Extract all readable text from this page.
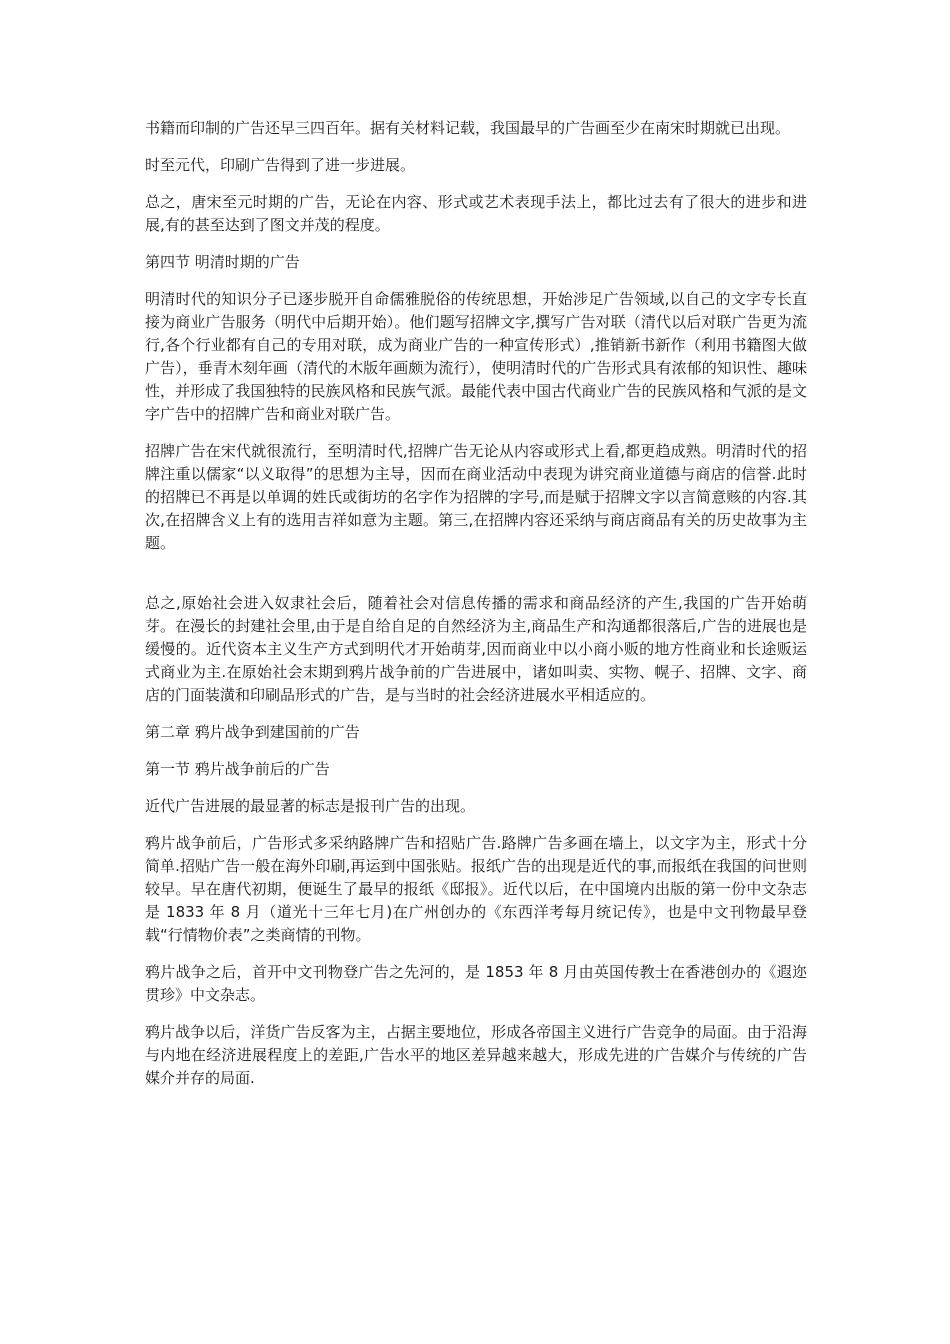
书籍而印制的广告还早三四百年。据有关材料记载，我国最早的广告画至少在南宋时期就已出现。

时至元代，印刷广告得到了进一步进展。

总之，唐宋至元时期的广告，无论在内容、形式或艺术表现手法上，都比过去有了很大的进步和进展,有的甚至达到了图文并茂的程度。

第四节 明清时期的广告

明清时代的知识分子已逐步脱开自命儒雅脱俗的传统思想，开始涉足广告领域,以自己的文字专长直接为商业广告服务（明代中后期开始）。他们题写招牌文字,撰写广告对联（清代以后对联广告更为流行,各个行业都有自己的专用对联，成为商业广告的一种宣传形式）,推销新书新作（利用书籍图大做广告），垂青木刻年画（清代的木版年画颇为流行），使明清时代的广告形式具有浓郁的知识性、趣味性，并形成了我国独特的民族风格和民族气派。最能代表中国古代商业广告的民族风格和气派的是文字广告中的招牌广告和商业对联广告。

招牌广告在宋代就很流行，至明清时代,招牌广告无论从内容或形式上看,都更趋成熟。明清时代的招牌注重以儒家“以义取得”的思想为主导，因而在商业活动中表现为讲究商业道德与商店的信誉.此时的招牌已不再是以单调的姓氏或街坊的名字作为招牌的字号,而是赋于招牌文字以言简意赅的内容.其次,在招牌含义上有的选用吉祥如意为主题。第三,在招牌内容还采纳与商店商品有关的历史故事为主题。

总之,原始社会进入奴隶社会后，随着社会对信息传播的需求和商品经济的产生,我国的广告开始萌芽。在漫长的封建社会里,由于是自给自足的自然经济为主,商品生产和沟通都很落后,广告的进展也是缓慢的。近代资本主义生产方式到明代才开始萌芽,因而商业中以小商小贩的地方性商业和长途贩运式商业为主.在原始社会末期到鸦片战争前的广告进展中，诸如叫卖、实物、幌子、招牌、文字、商店的门面装潢和印刷品形式的广告，是与当时的社会经济进展水平相适应的。

第二章 鸦片战争到建国前的广告

第一节 鸦片战争前后的广告

近代广告进展的最显著的标志是报刊广告的出现。

鸦片战争前后，广告形式多采纳路牌广告和招贴广告.路牌广告多画在墙上，以文字为主，形式十分简单.招贴广告一般在海外印刷,再运到中国张贴。报纸广告的出现是近代的事,而报纸在我国的问世则较早。早在唐代初期，便诞生了最早的报纸《邸报》。近代以后，在中国境内出版的第一份中文杂志是 1833 年 8 月（道光十三年七月)在广州创办的《东西洋考每月统记传》，也是中文刊物最早登载“行情物价表”之类商情的刊物。

鸦片战争之后，首开中文刊物登广告之先河的，是 1853 年 8 月由英国传教士在香港创办的《遐迩贯珍》中文杂志。

鸦片战争以后，洋货广告反客为主，占据主要地位，形成各帝国主义进行广告竞争的局面。由于沿海与内地在经济进展程度上的差距,广告水平的地区差异越来越大，形成先进的广告媒介与传统的广告媒介并存的局面.
